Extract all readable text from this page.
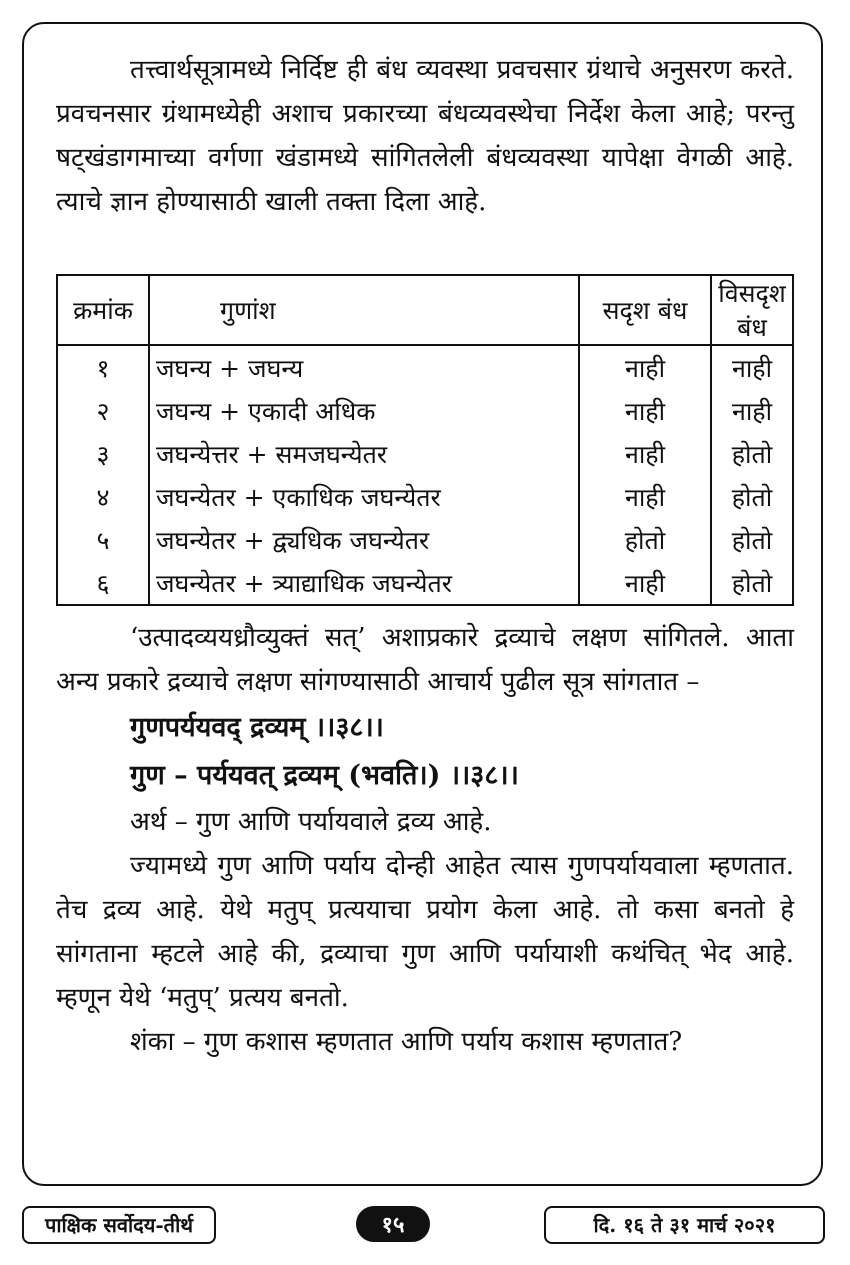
तत्त्वार्थसूत्रामध्ये निर्दिष्ट ही बंध व्यवस्था प्रवचसार ग्रंथाचे अनुसरण करते. प्रवचनसार ग्रंथामध्येही अशाच प्रकारच्या बंधव्यवस्थेचा निर्देश केला आहे; परन्तु षट्खंडागमाच्या वर्गणा खंडामध्ये सांगितलेली बंधव्यवस्था यापेक्षा वेगळी आहे. त्याचे ज्ञान होण्यासाठी खाली तक्ता दिला आहे.

क्रमांक	गुणांश	सदृश बंध	विसदृश बंध
१	जघन्य + जघन्य	नाही	नाही
२	जघन्य + एकादी अधिक	नाही	नाही
३	जघन्येत्तर + समजघन्येतर	नाही	होतो
४	जघन्येतर + एकाधिक जघन्येतर	नाही	होतो
५	जघन्येतर + द्व्यधिक जघन्येतर	होतो	होतो
६	जघन्येतर + त्र्याद्याधिक जघन्येतर	नाही	होतो

‘उत्पादव्ययध्रौव्युक्तं सत्’ अशाप्रकारे द्रव्याचे लक्षण सांगितले. आता अन्य प्रकारे द्रव्याचे लक्षण सांगण्यासाठी आचार्य पुढील सूत्र सांगतात –

गुणपर्ययवद् द्रव्यम् ।।३८।।

गुण – पर्ययवत् द्रव्यम् (भवति।) ।।३८।।

अर्थ – गुण आणि पर्यायवाले द्रव्य आहे.

ज्यामध्ये गुण आणि पर्याय दोन्ही आहेत त्यास गुणपर्यायवाला म्हणतात. तेच द्रव्य आहे. येथे मतुप् प्रत्ययाचा प्रयोग केला आहे. तो कसा बनतो हे सांगताना म्हटले आहे की, द्रव्याचा गुण आणि पर्यायाशी कथंचित् भेद आहे. म्हणून येथे ‘मतुप्’ प्रत्यय बनतो.

शंका – गुण कशास म्हणतात आणि पर्याय कशास म्हणतात?

पाक्षिक सर्वोदय-तीर्थ	१५	दि. १६ ते ३१ मार्च २०२१
